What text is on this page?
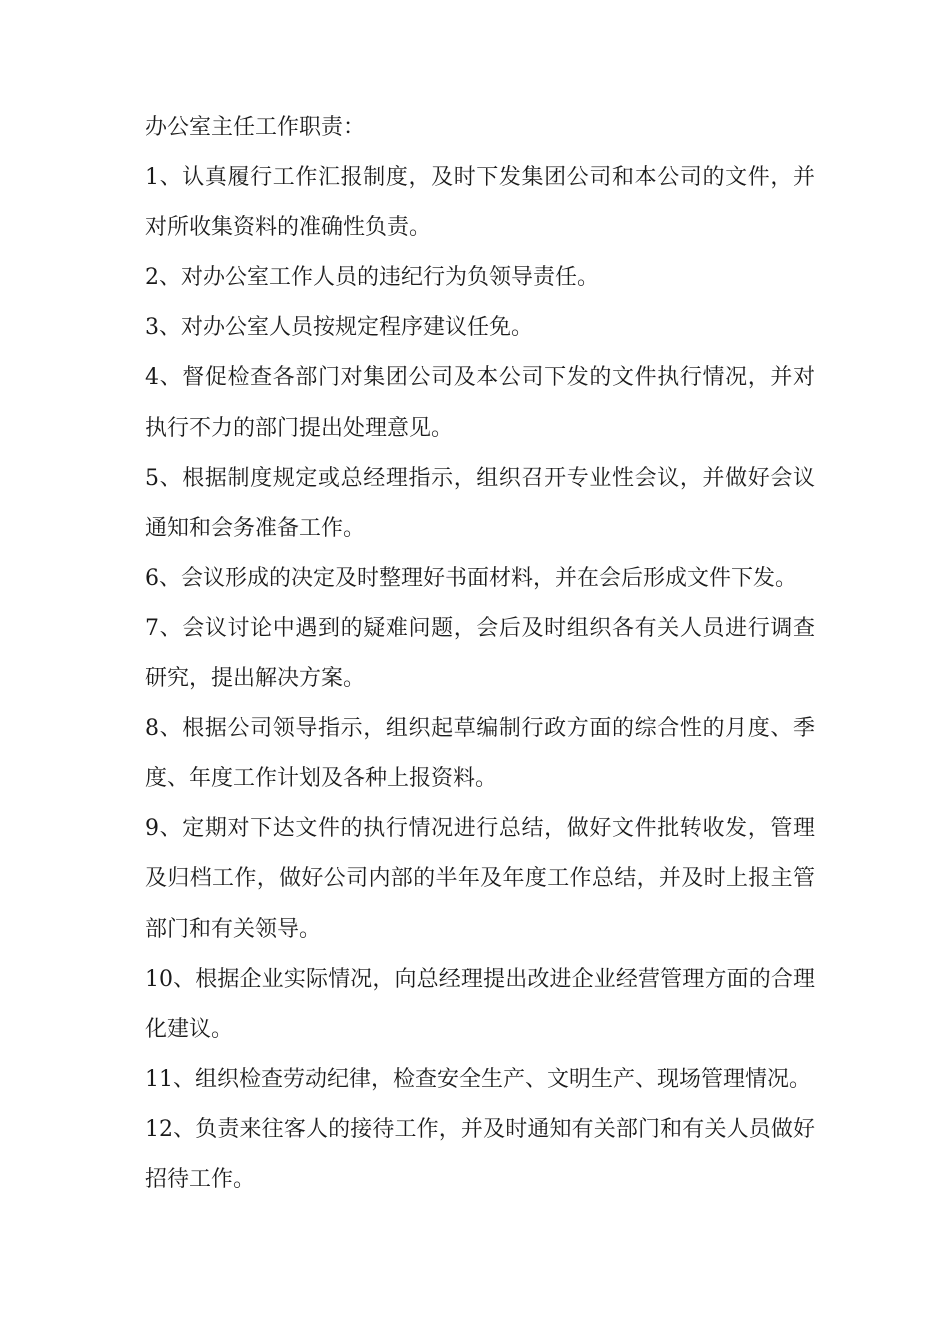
办公室主任工作职责：

1、认真履行工作汇报制度，及时下发集团公司和本公司的文件，并对所收集资料的准确性负责。

2、对办公室工作人员的违纪行为负领导责任。

3、对办公室人员按规定程序建议任免。

4、督促检查各部门对集团公司及本公司下发的文件执行情况，并对执行不力的部门提出处理意见。

5、根据制度规定或总经理指示，组织召开专业性会议，并做好会议通知和会务准备工作。

6、会议形成的决定及时整理好书面材料，并在会后形成文件下发。

7、会议讨论中遇到的疑难问题，会后及时组织各有关人员进行调查研究，提出解决方案。

8、根据公司领导指示，组织起草编制行政方面的综合性的月度、季度、年度工作计划及各种上报资料。

9、定期对下达文件的执行情况进行总结，做好文件批转收发，管理及归档工作，做好公司内部的半年及年度工作总结，并及时上报主管部门和有关领导。

10、根据企业实际情况，向总经理提出改进企业经营管理方面的合理化建议。

11、组织检查劳动纪律，检查安全生产、文明生产、现场管理情况。

12、负责来往客人的接待工作，并及时通知有关部门和有关人员做好招待工作。
